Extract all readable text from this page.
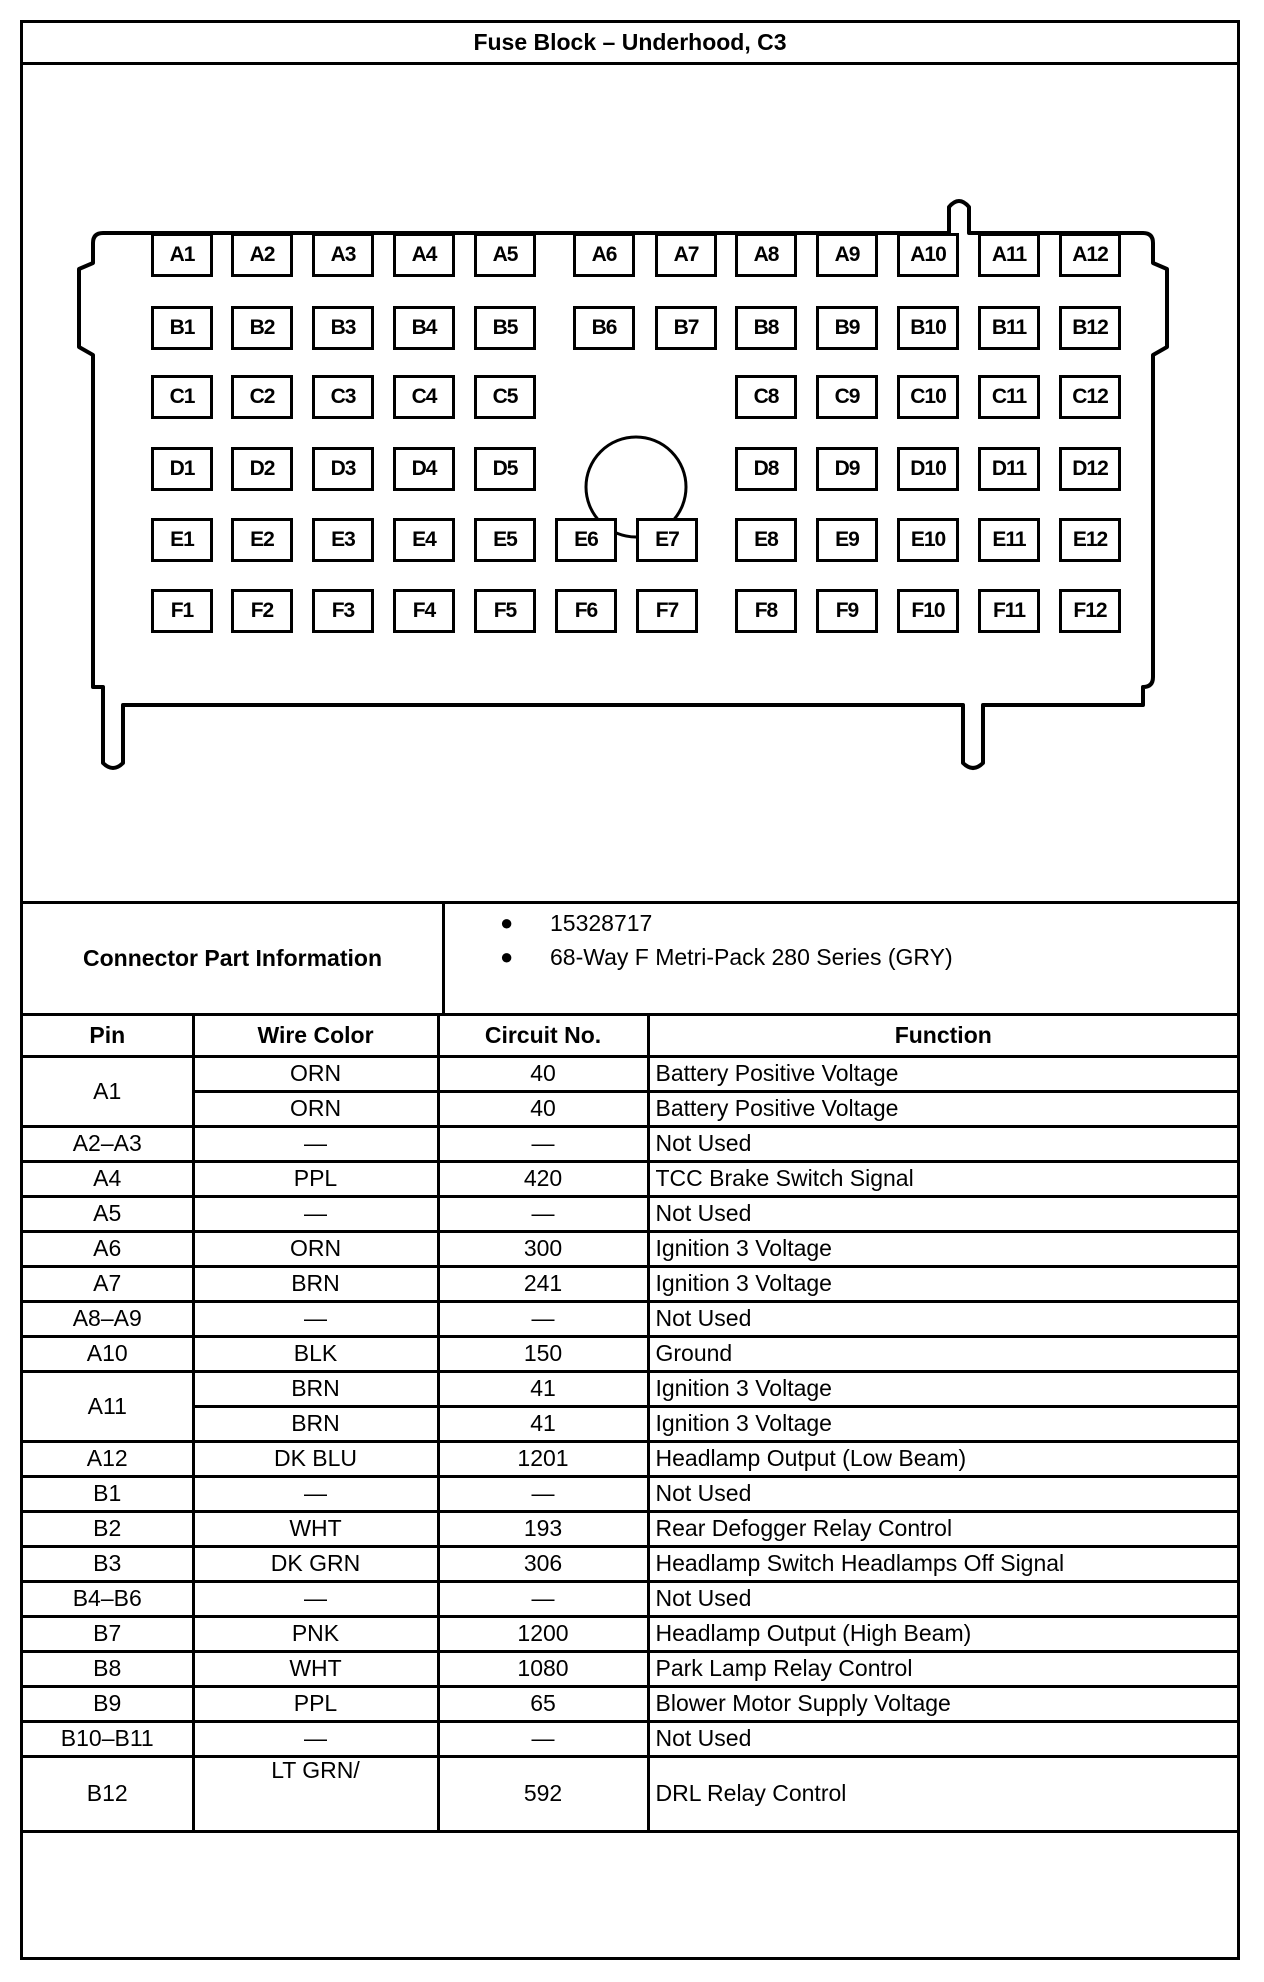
Fuse Block – Underhood, C3
A1	A2	A3	A4	A5	A6	A7	A8	A9	A10	A11	A12
B1	B2	B3	B4	B5	B6	B7	B8	B9	B10	B11	B12
C1	C2	C3	C4	C5	C8	C9	C10	C11	C12
D1	D2	D3	D4	D5	D8	D9	D10	D11	D12
E1	E2	E3	E4	E5	E6	E7	E8	E9	E10	E11	E12
F1	F2	F3	F4	F5	F6	F7	F8	F9	F10	F11	F12
Connector Part Information
● 15328717
● 68-Way F Metri-Pack 280 Series (GRY)
Pin	Wire Color	Circuit No.	Function
A1	ORN	40	Battery Positive Voltage
	ORN	40	Battery Positive Voltage
A2–A3	—	—	Not Used
A4	PPL	420	TCC Brake Switch Signal
A5	—	—	Not Used
A6	ORN	300	Ignition 3 Voltage
A7	BRN	241	Ignition 3 Voltage
A8–A9	—	—	Not Used
A10	BLK	150	Ground
A11	BRN	41	Ignition 3 Voltage
	BRN	41	Ignition 3 Voltage
A12	DK BLU	1201	Headlamp Output (Low Beam)
B1	—	—	Not Used
B2	WHT	193	Rear Defogger Relay Control
B3	DK GRN	306	Headlamp Switch Headlamps Off Signal
B4–B6	—	—	Not Used
B7	PNK	1200	Headlamp Output (High Beam)
B8	WHT	1080	Park Lamp Relay Control
B9	PPL	65	Blower Motor Supply Voltage
B10–B11	—	—	Not Used
B12	LT GRN/	592	DRL Relay Control
